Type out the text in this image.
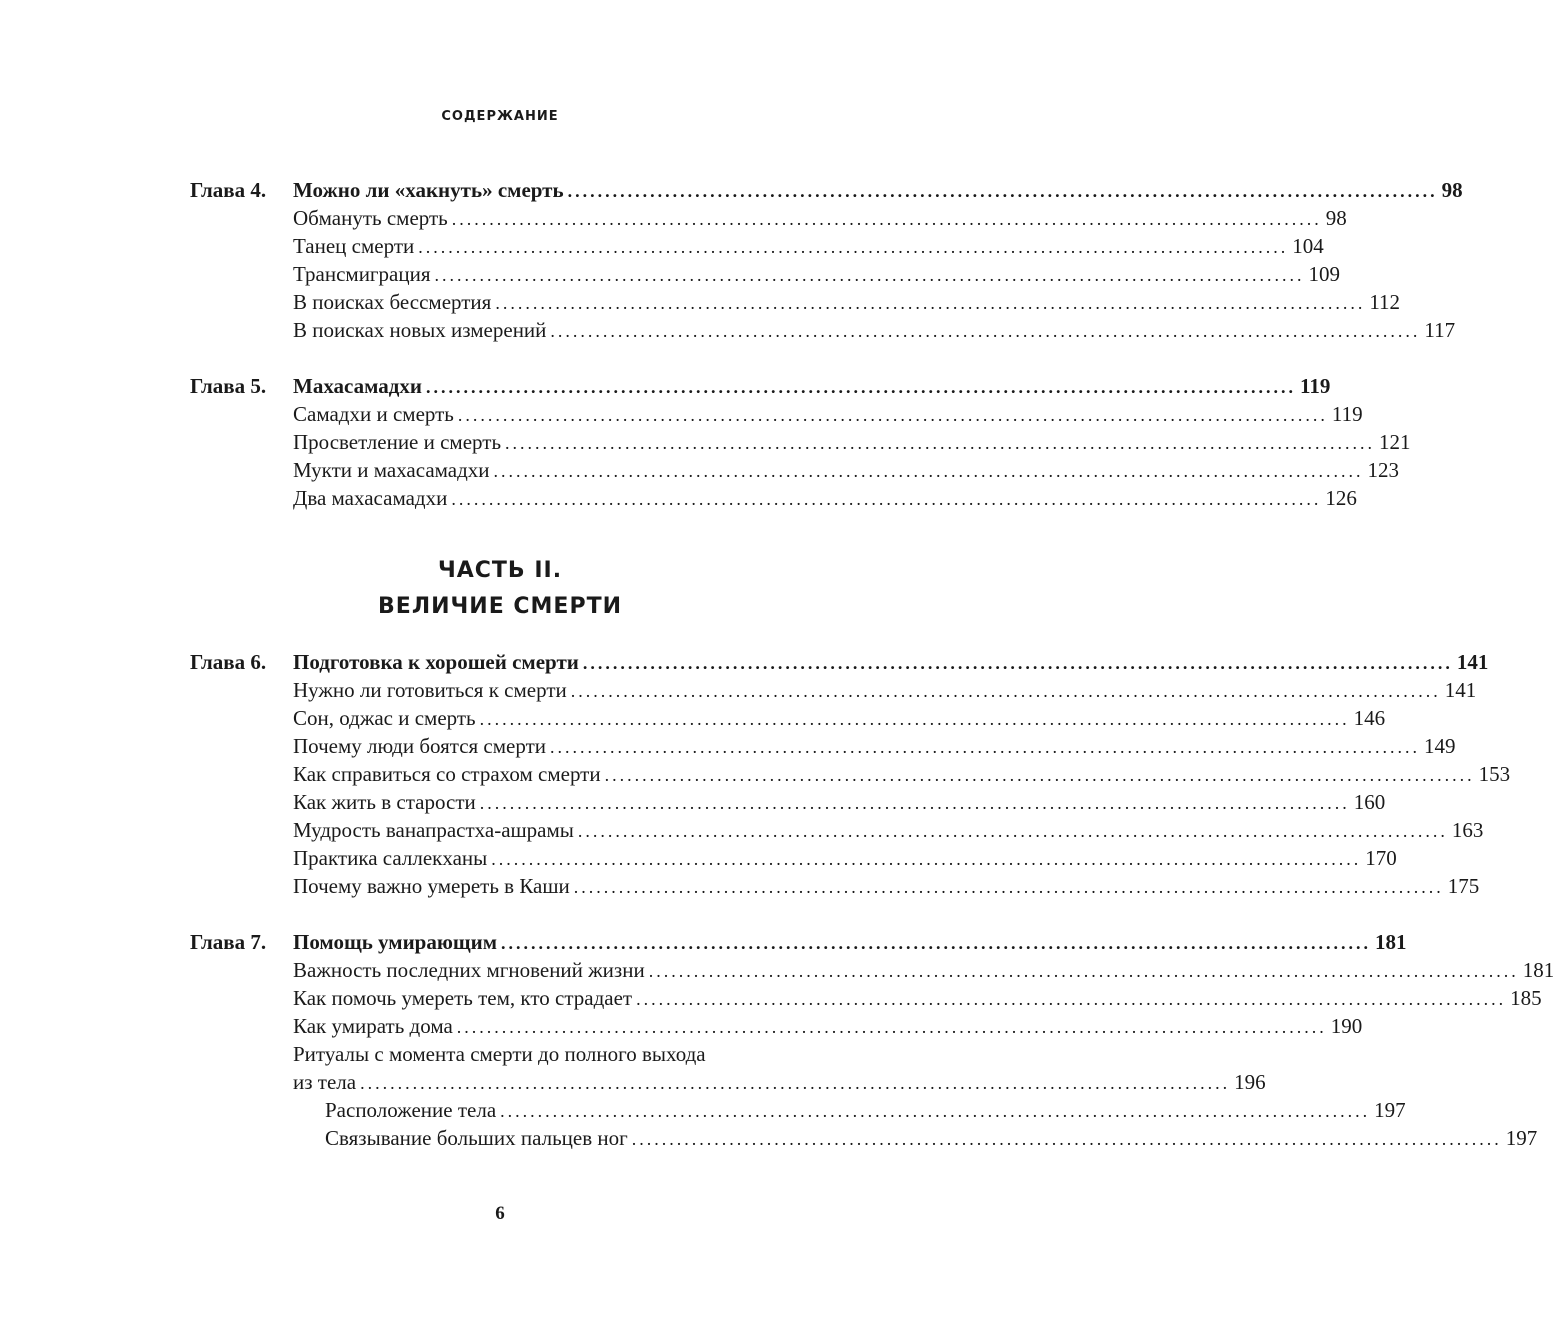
СОДЕРЖАНИЕ
Глава 4. Можно ли «хакнуть» смерть .................................................................................................................... 98
Обмануть смерть .................................................................................................................... 98
Танец смерти .................................................................................................................... 104
Трансмиграция .................................................................................................................... 109
В поисках бессмертия .................................................................................................................... 112
В поисках новых измерений .................................................................................................................... 117
Глава 5. Махасамадхи .................................................................................................................... 119
Самадхи и смерть .................................................................................................................... 119
Просветление и смерть .................................................................................................................... 121
Мукти и махасамадхи .................................................................................................................... 123
Два махасамадхи .................................................................................................................... 126
ЧАСТЬ II.
ВЕЛИЧИЕ СМЕРТИ
Глава 6. Подготовка к хорошей смерти .................................................................................................................... 141
Нужно ли готовиться к смерти .................................................................................................................... 141
Сон, оджас и смерть .................................................................................................................... 146
Почему люди боятся смерти .................................................................................................................... 149
Как справиться со страхом смерти .................................................................................................................... 153
Как жить в старости .................................................................................................................... 160
Мудрость ванапрастха-ашрамы .................................................................................................................... 163
Практика саллекханы .................................................................................................................... 170
Почему важно умереть в Каши .................................................................................................................... 175
Глава 7. Помощь умирающим .................................................................................................................... 181
Важность последних мгновений жизни .................................................................................................................... 181
Как помочь умереть тем, кто страдает .................................................................................................................... 185
Как умирать дома .................................................................................................................... 190
Ритуалы с момента смерти до полного выхода
из тела .................................................................................................................... 196
Расположение тела .................................................................................................................... 197
Связывание больших пальцев ног .................................................................................................................... 197
6
